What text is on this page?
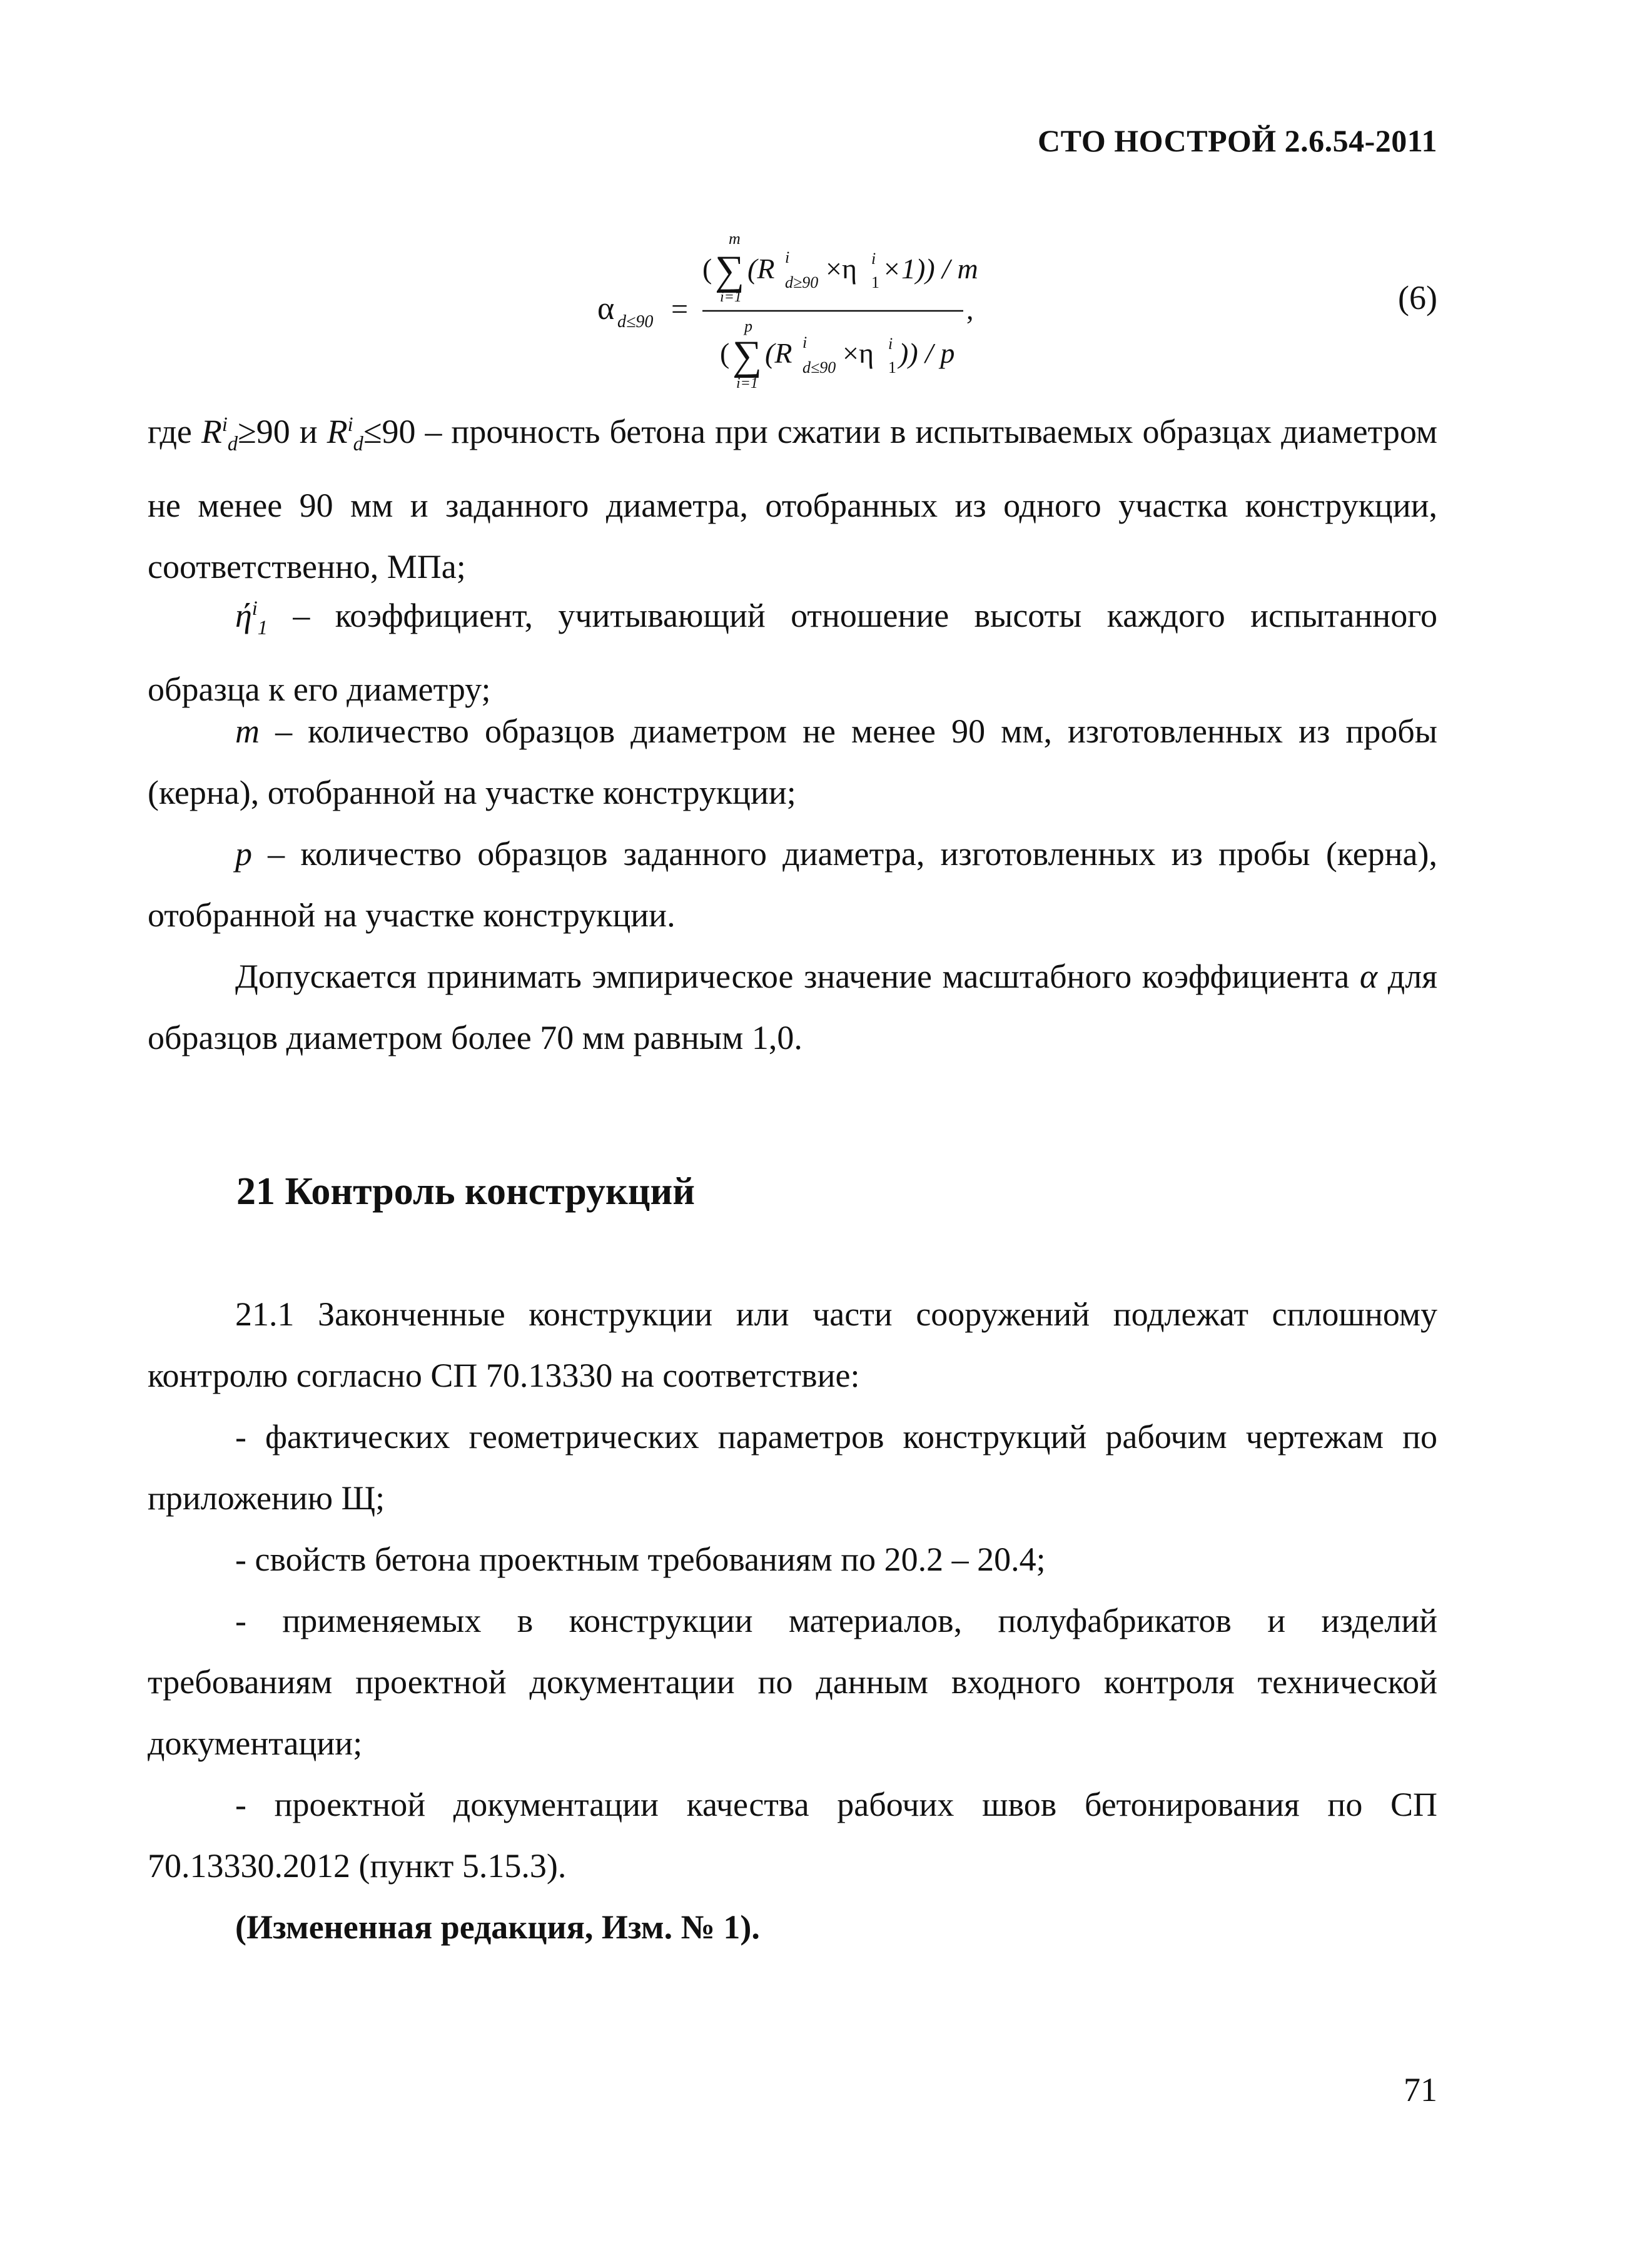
СТО НОСТРОЙ 2.6.54-2011
α d≤90 =
(
m
∑
i=1
(R i
d≥90 ×η i
1 ×1)) / m
,
(
p
∑
i=1
(R i
d≤90 ×η i
1 )) / p
(6)
где $R^i_d\ge 90$ и $R^i_d\le 90$ – прочность бетона при сжатии в испытываемых образцах диаметром не менее 90 мм и заданного диаметра, отобранных из одного участка конструкции, соответственно, МПа;
$ή^i_1$ – коэффициент, учитывающий отношение высоты каждого испытанного образца к его диаметру;
m – количество образцов диаметром не менее 90 мм, изготовленных из пробы (керна), отобранной на участке конструкции;
p – количество образцов заданного диаметра, изготовленных из пробы (керна), отобранной на участке конструкции.
Допускается принимать эмпирическое значение масштабного коэффициента α для образцов диаметром более 70 мм равным 1,0.
21 Контроль конструкций
21.1 Законченные конструкции или части сооружений подлежат сплошному контролю согласно СП 70.13330 на соответствие:
- фактических геометрических параметров конструкций рабочим чертежам по приложению Щ;
- свойств бетона проектным требованиям по 20.2 – 20.4;
- применяемых в конструкции материалов, полуфабрикатов и изделий требованиям проектной документации по данным входного контроля технической документации;
- проектной документации качества рабочих швов бетонирования по СП 70.13330.2012 (пункт 5.15.3).
(Измененная редакция, Изм. № 1).
71
